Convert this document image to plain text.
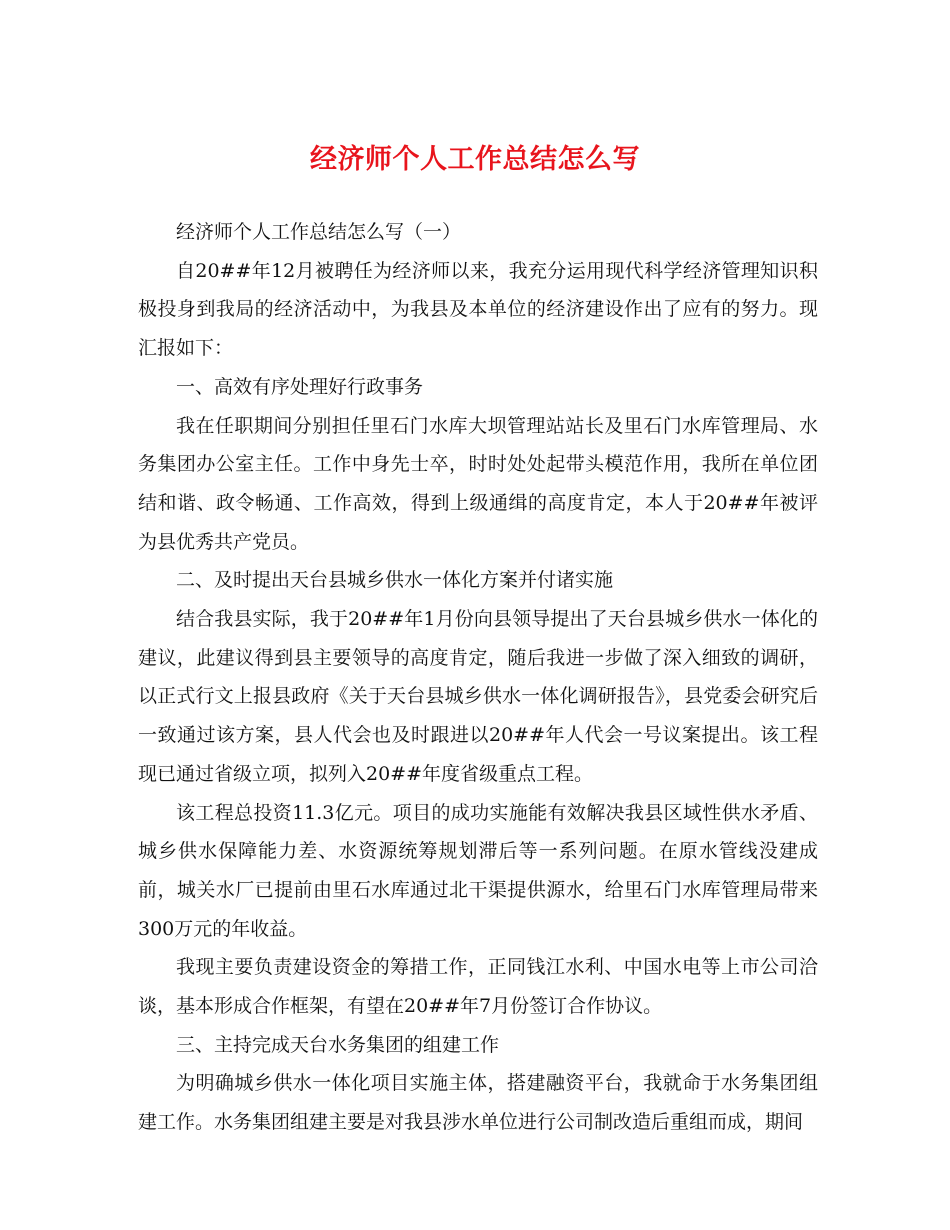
经济师个人工作总结怎么写

经济师个人工作总结怎么写（一）

自20##年12月被聘任为经济师以来，我充分运用现代科学经济管理知识积极投身到我局的经济活动中，为我县及本单位的经济建设作出了应有的努力。现汇报如下：

一、高效有序处理好行政事务

我在任职期间分别担任里石门水库大坝管理站站长及里石门水库管理局、水务集团办公室主任。工作中身先士卒，时时处处起带头模范作用，我所在单位团结和谐、政令畅通、工作高效，得到上级通缉的高度肯定，本人于20##年被评为县优秀共产党员。

二、及时提出天台县城乡供水一体化方案并付诸实施

结合我县实际，我于20##年1月份向县领导提出了天台县城乡供水一体化的建议，此建议得到县主要领导的高度肯定，随后我进一步做了深入细致的调研，以正式行文上报县政府《关于天台县城乡供水一体化调研报告》，县党委会研究后一致通过该方案，县人代会也及时跟进以20##年人代会一号议案提出。该工程现已通过省级立项，拟列入20##年度省级重点工程。

该工程总投资11.3亿元。项目的成功实施能有效解决我县区域性供水矛盾、城乡供水保障能力差、水资源统筹规划滞后等一系列问题。在原水管线没建成前，城关水厂已提前由里石水库通过北干渠提供源水，给里石门水库管理局带来300万元的年收益。

我现主要负责建设资金的筹措工作，正同钱江水利、中国水电等上市公司洽谈，基本形成合作框架，有望在20##年7月份签订合作协议。

三、主持完成天台水务集团的组建工作

为明确城乡供水一体化项目实施主体，搭建融资平台，我就命于水务集团组建工作。水务集团组建主要是对我县涉水单位进行公司制改造后重组而成，期间
